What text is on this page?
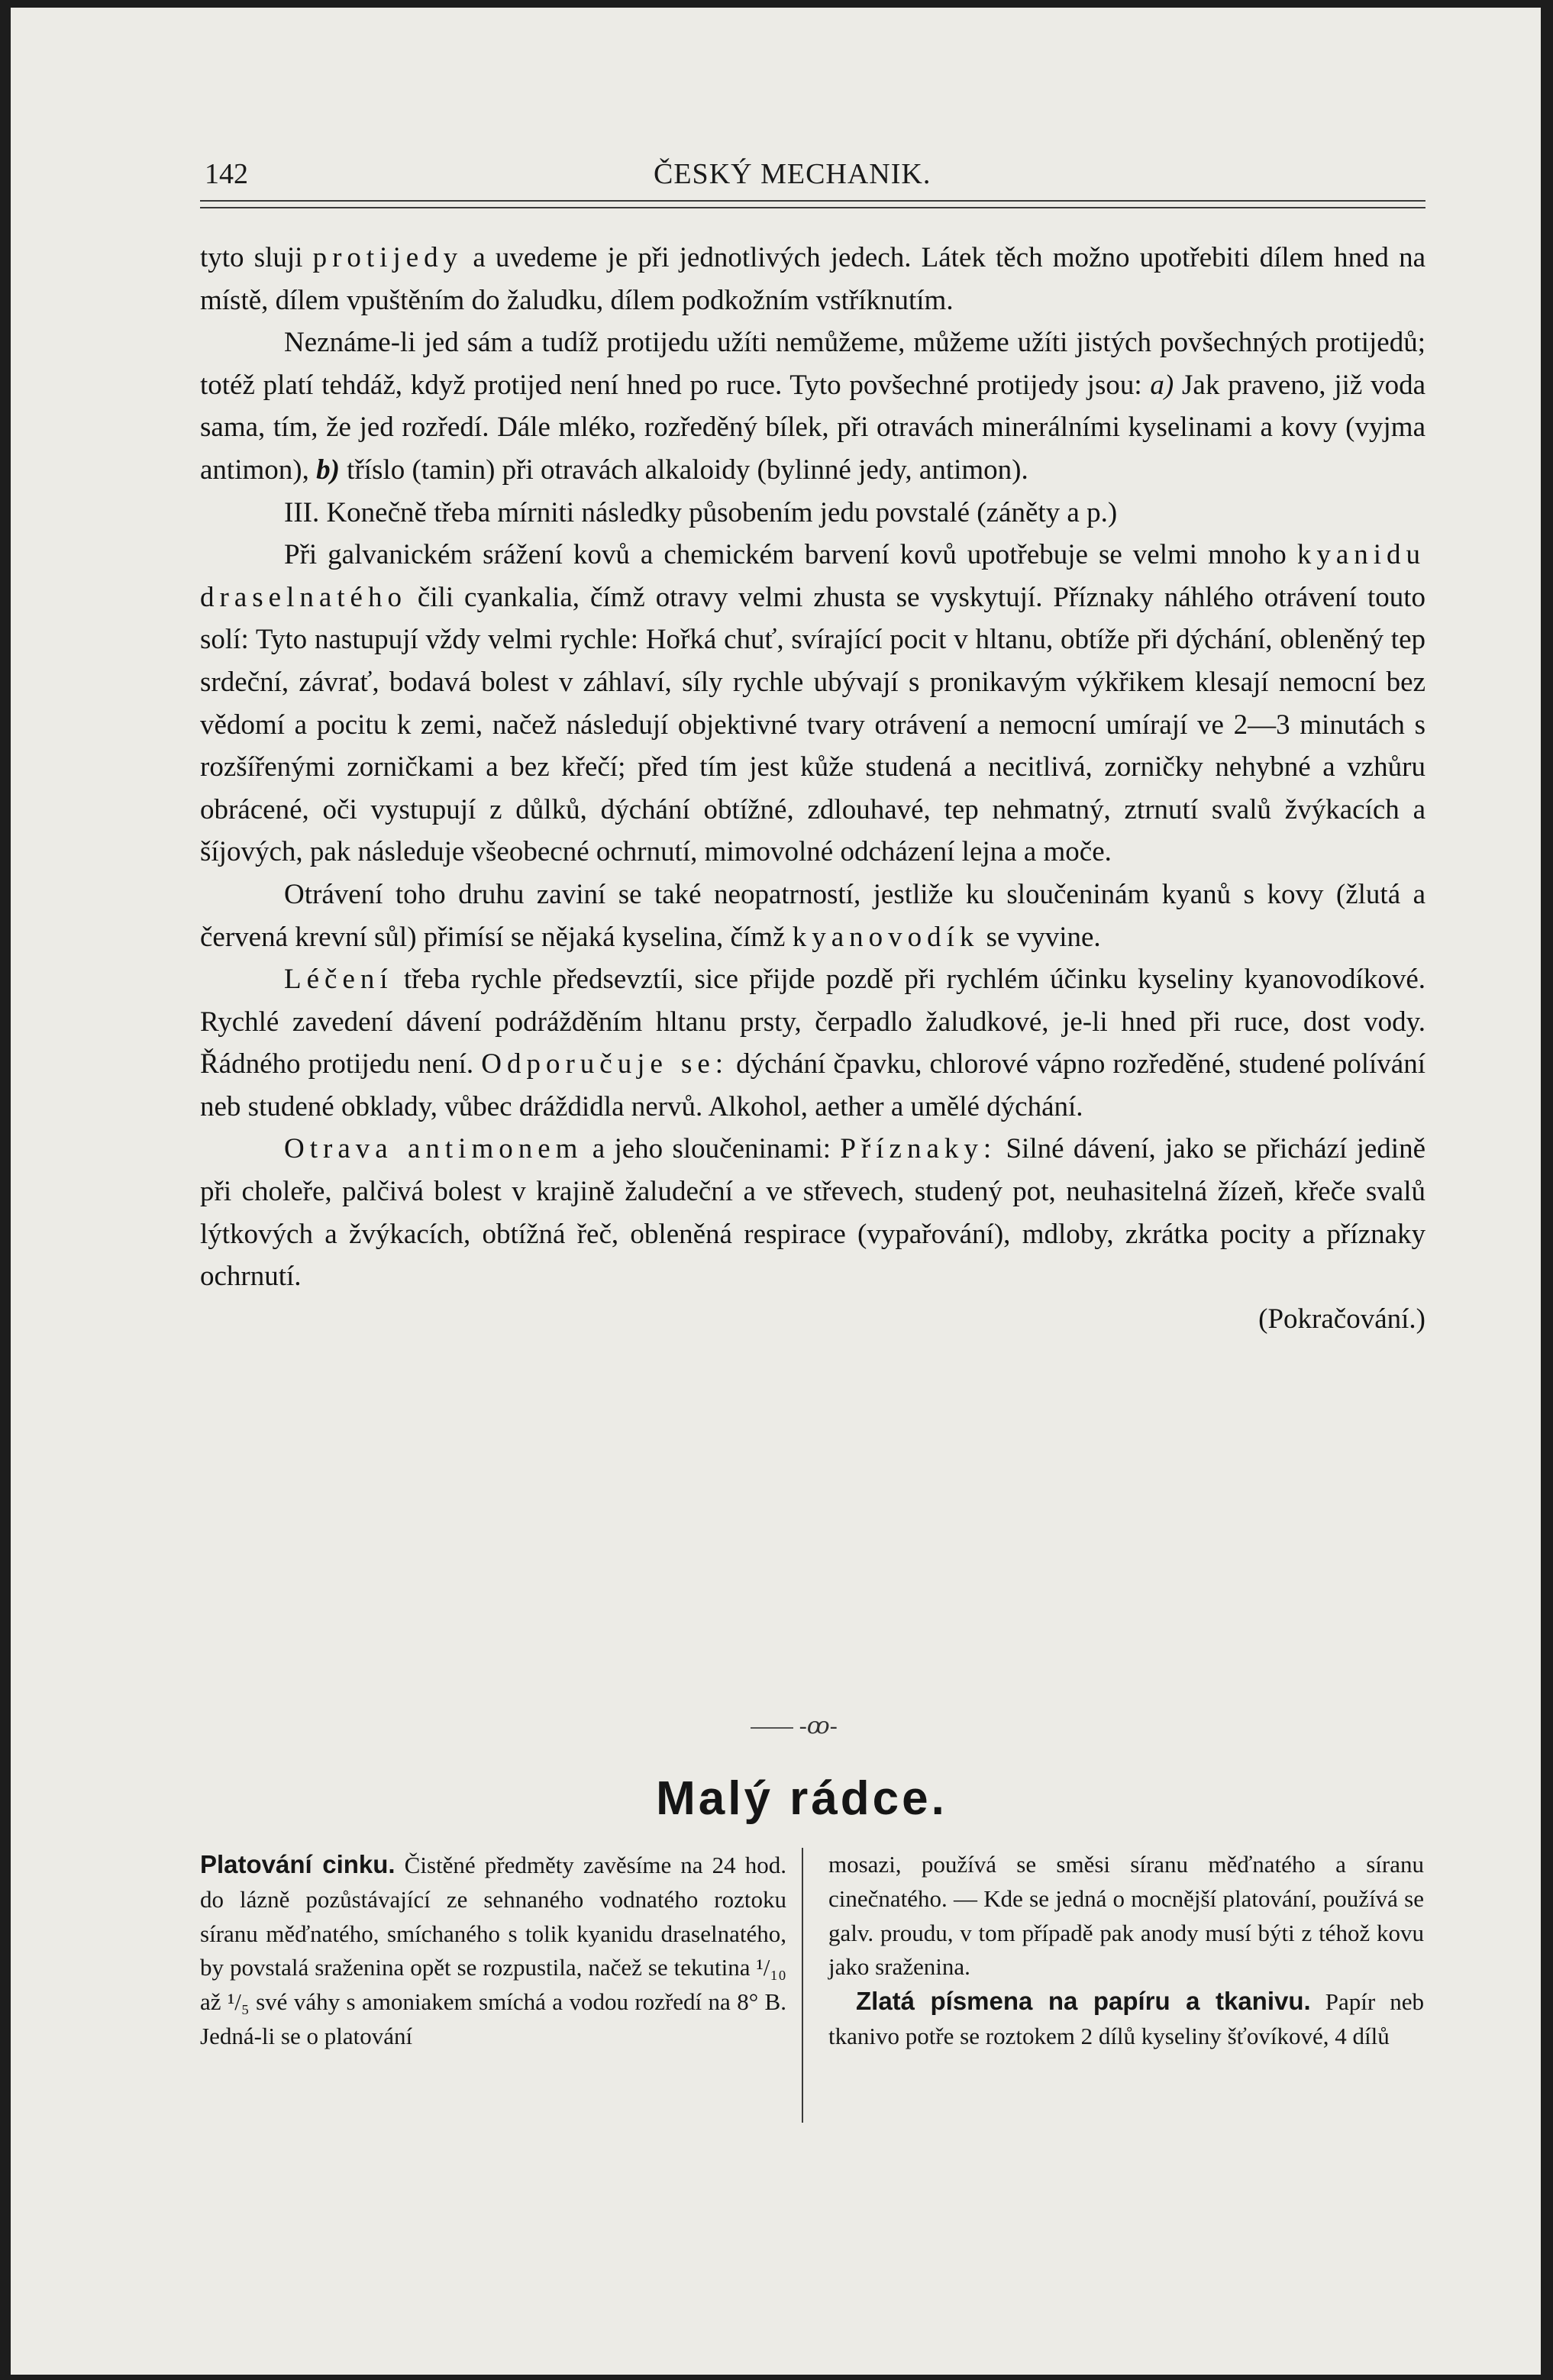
142	ČESKÝ MECHANIK.

tyto sluji protijedy a uvedeme je při jednotlivých jedech. Látek těch možno upotřebiti dílem hned na místě, dílem vpuštěním do žaludku, dílem podkožním vstříknutím.

Neznáme-li jed sám a tudíž protijedu užíti nemůžeme, můžeme užíti jistých povšechných protijedů; totéž platí tehdáž, když protijed není hned po ruce. Tyto povšechné protijedy jsou: a) Jak praveno, již voda sama, tím, že jed rozředí. Dále mléko, rozředěný bílek, při otravách minerálními kyselinami a kovy (vyjma antimon), b) tříslo (tamin) při otravách alkaloidy (bylinné jedy, antimon).

III. Konečně třeba mírniti následky působením jedu povstalé (záněty a p.)

Při galvanickém srážení kovů a chemickém barvení kovů upotřebuje se velmi mnoho kyanidu draselnatého čili cyankalia, čímž otravy velmi zhusta se vyskytují. Příznaky náhlého otrávení touto solí: Tyto nastupují vždy velmi rychle: Hořká chuť, svírající pocit v hltanu, obtíže při dýchání, obleněný tep srdeční, závrať, bodavá bolest v záhlaví, síly rychle ubývají s pronikavým výkřikem klesají nemocní bez vědomí a pocitu k zemi, načež následují objektivné tvary otrávení a nemocní umírají ve 2—3 minutách s rozšířenými zorničkami a bez křečí; před tím jest kůže studená a necitlivá, zorničky nehybné a vzhůru obrácené, oči vystupují z důlků, dýchání obtížné, zdlouhavé, tep nehmatný, ztrnutí svalů žvýkacích a šíjových, pak následuje všeobecné ochrnutí, mimovolné odcházení lejna a moče.

Otrávení toho druhu zaviní se také neopatrností, jestliže ku sloučeninám kyanů s kovy (žlutá a červená krevní sůl) přimísí se nějaká kyselina, čímž kyanovodík se vyvine.

Léčení třeba rychle předsevztíi, sice přijde pozdě při rychlém účinku kyseliny kyanovodíkové. Rychlé zavedení dávení podrážděním hltanu prsty, čerpadlo žaludkové, je-li hned při ruce, dost vody. Řádného protijedu není. Odporučuje se: dýchání čpavku, chlorové vápno rozředěné, studené polívání neb studené obklady, vůbec dráždidla nervů. Alkohol, aether a umělé dýchání.

Otrava antimonem a jeho sloučeninami: Příznaky: Silné dávení, jako se přichází jedině při choleře, palčivá bolest v krajině žaludeční a ve střevech, studený pot, neuhasitelná žízeň, křeče svalů lýtkových a žvýkacích, obtížná řeč, obleněná respirace (vypařování), mdloby, zkrátka pocity a příznaky ochrnutí.
(Pokračování.)

-ꝏ-
Malý rádce.

Platování cinku. Čistěné předměty zavěsíme na 24 hod. do lázně pozůstávající ze sehnaného vodnatého roztoku síranu měďnatého, smíchaného s tolik kyanidu draselnatého, by povstalá sraženina opět se rozpustila, načež se tekutina ¹/₁₀ až ¹/₅ své váhy s amoniakem smíchá a vodou rozředí na 8° B. Jedná-li se o platování

mosazi, používá se směsi síranu měďnatého a síranu cinečnatého. — Kde se jedná o mocnější platování, používá se galv. proudu, v tom případě pak anody musí býti z téhož kovu jako sraženina.

Zlatá písmena na papíru a tkanivu. Papír neb tkanivo potře se roztokem 2 dílů kyseliny šťovíkové, 4 dílů
